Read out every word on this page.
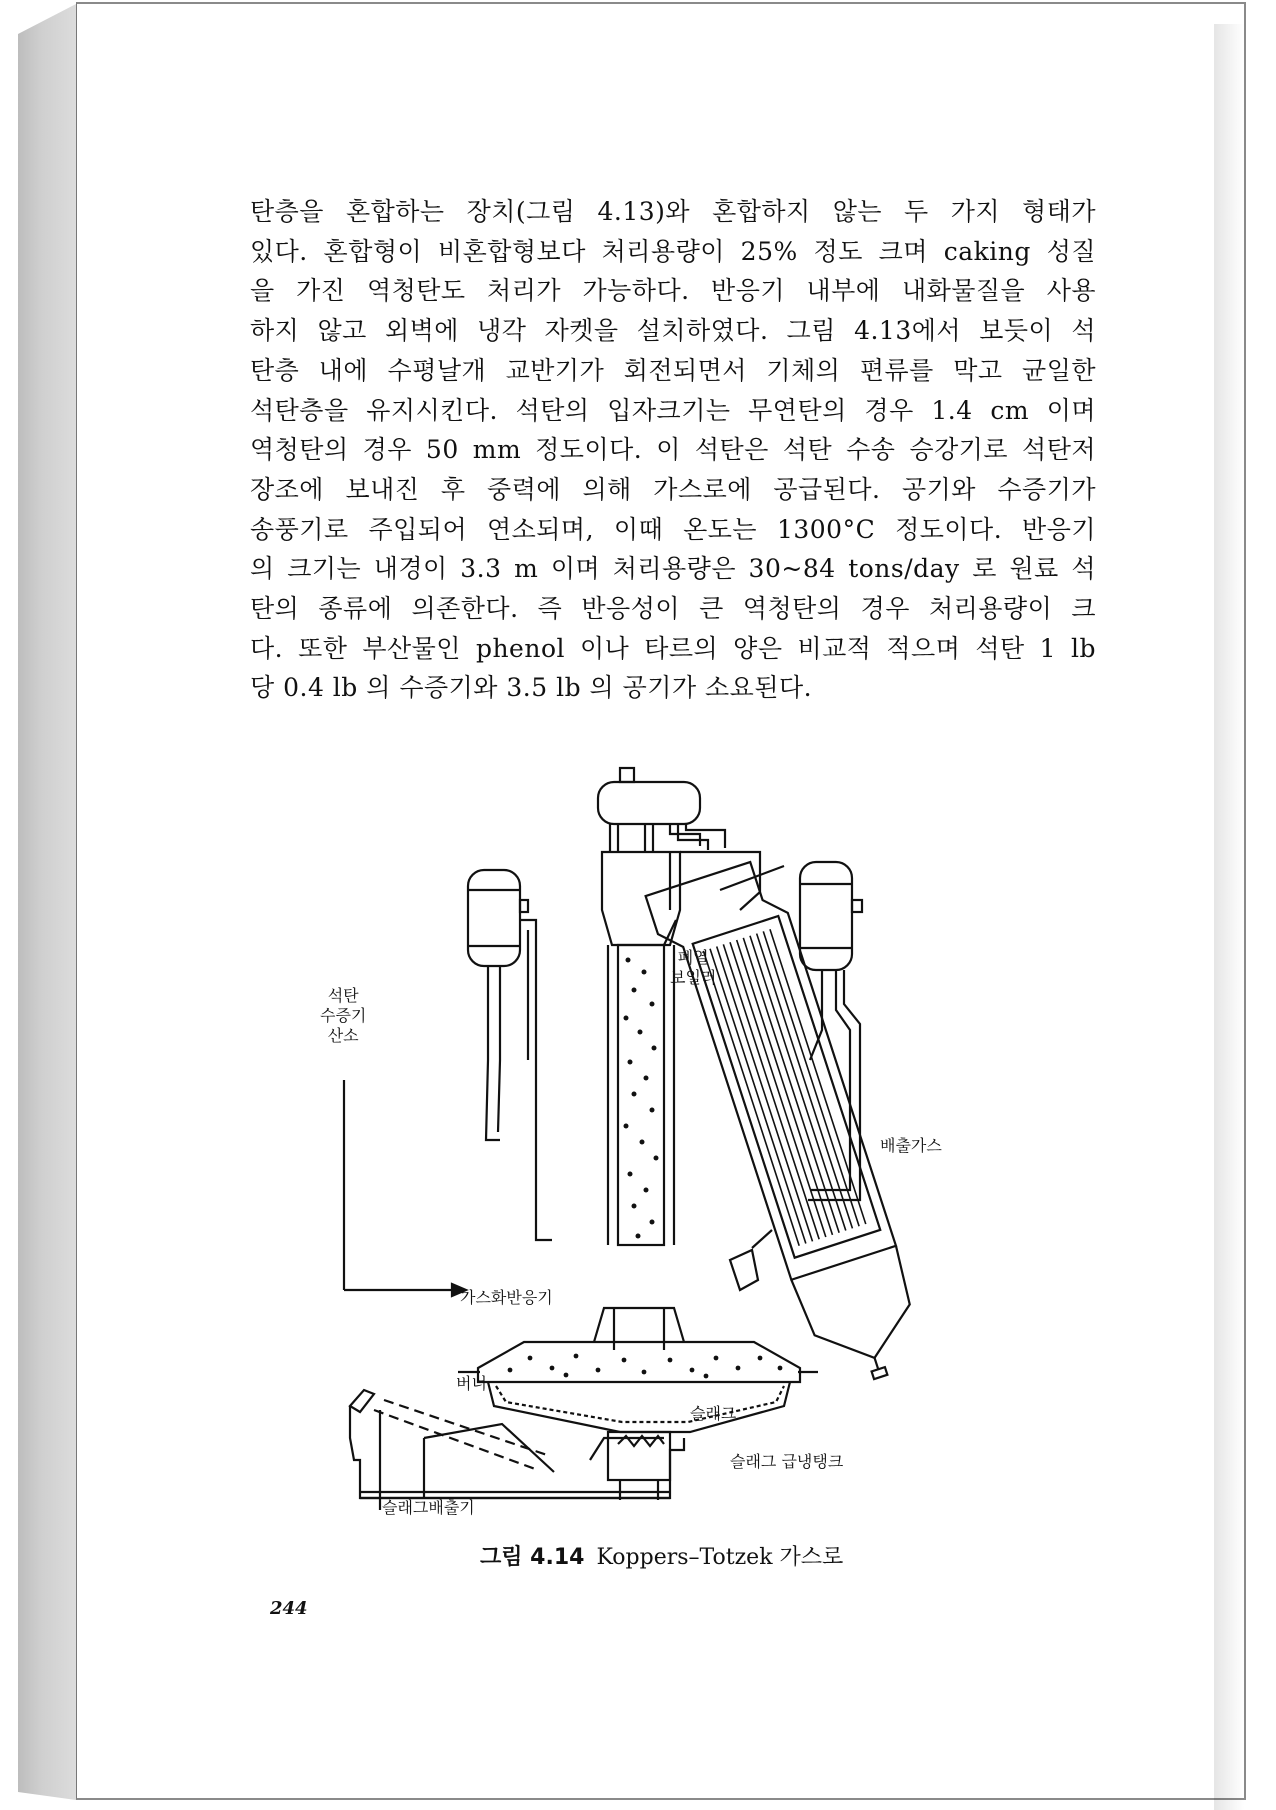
탄층을 혼합하는 장치(그림 4.13)와 혼합하지 않는 두 가지 형태가
있다. 혼합형이 비혼합형보다 처리용량이 25% 정도 크며 caking 성질
을 가진 역청탄도 처리가 가능하다. 반응기 내부에 내화물질을 사용
하지 않고 외벽에 냉각 자켓을 설치하였다. 그림 4.13에서 보듯이 석
탄층 내에 수평날개 교반기가 회전되면서 기체의 편류를 막고 균일한
석탄층을 유지시킨다. 석탄의 입자크기는 무연탄의 경우 1.4 cm 이며
역청탄의 경우 50 mm 정도이다. 이 석탄은 석탄 수송 승강기로 석탄저
장조에 보내진 후 중력에 의해 가스로에 공급된다. 공기와 수증기가
송풍기로 주입되어 연소되며, 이때 온도는 1300°C 정도이다. 반응기
의 크기는 내경이 3.3 m 이며 처리용량은 30~84 tons/day 로 원료 석
탄의 종류에 의존한다. 즉 반응성이 큰 역청탄의 경우 처리용량이 크
다. 또한 부산물인 phenol 이나 타르의 양은 비교적 적으며 석탄 1 lb
당 0.4 lb 의 수증기와 3.5 lb 의 공기가 소요된다.
석탄
수증기
산소
폐열
보일러
배출가스
가스화반응기
버너
슬래그
슬래그 급냉탱크
슬래그배출기
그림 4.14 Koppers–Totzek 가스로
244
